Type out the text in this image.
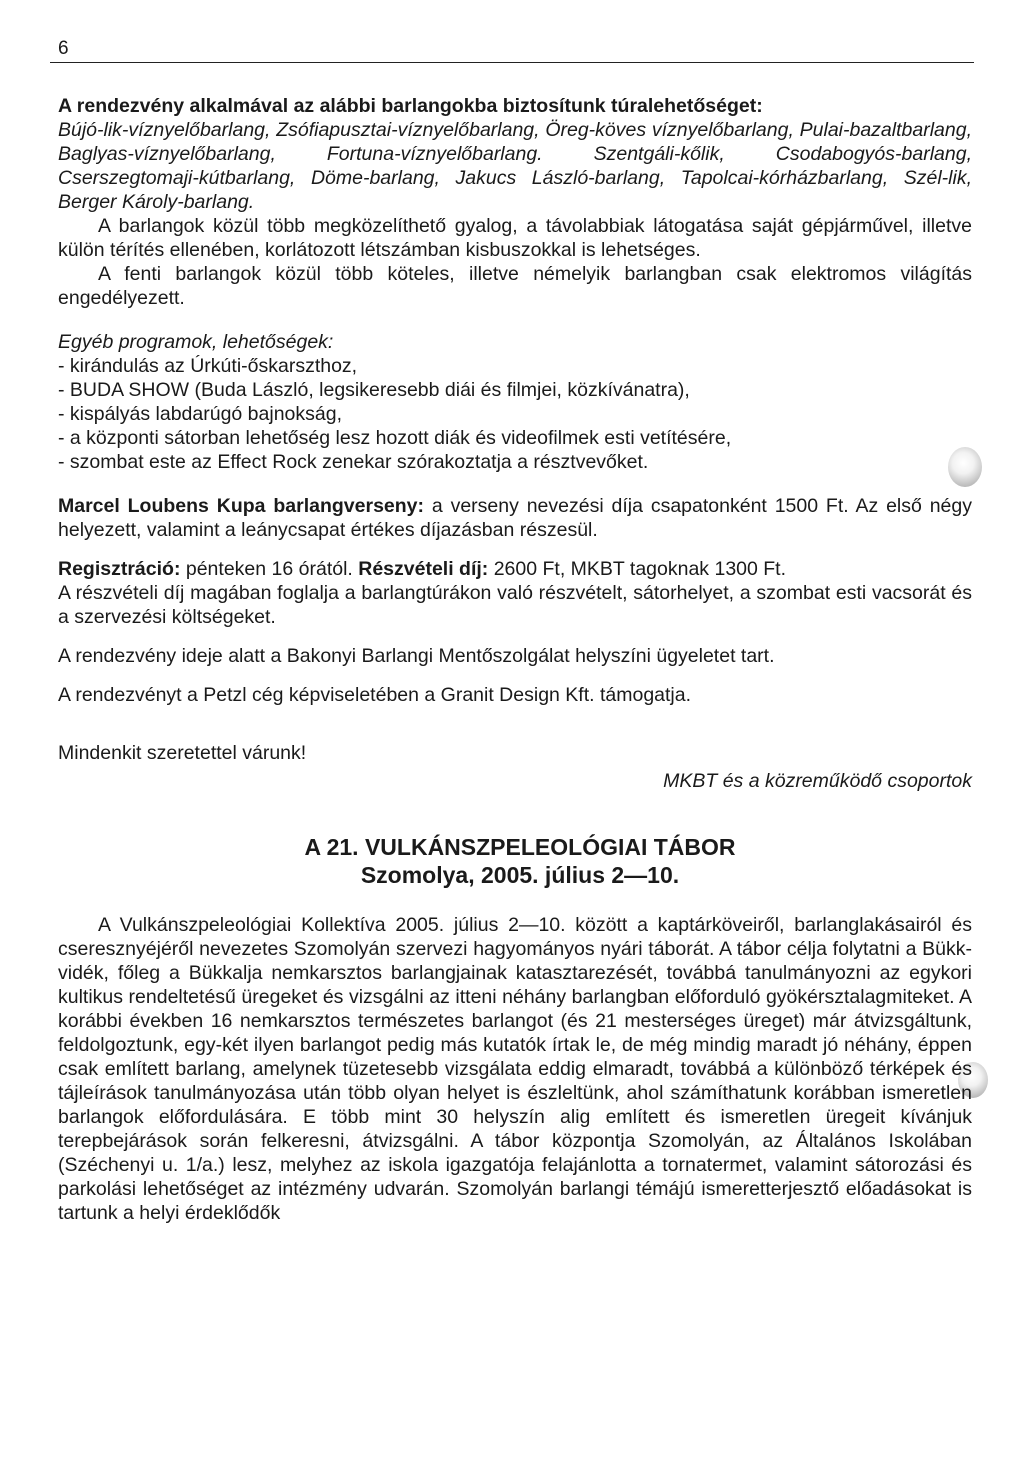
6

A rendezvény alkalmával az alábbi barlangokba biztosítunk túralehetőséget:

Bújó-lik-víznyelőbarlang, Zsófiapusztai-víznyelőbarlang, Öreg-köves víznyelőbarlang, Pulai-bazaltbarlang, Baglyas-víznyelőbarlang, Fortuna-víznyelőbarlang. Szentgáli-kőlik, Csodabogyós-barlang, Cserszegtomaji-kútbarlang, Döme-barlang, Jakucs László-barlang, Tapolcai-kórházbarlang, Szél-lik, Berger Károly-barlang.

A barlangok közül több megközelíthető gyalog, a távolabbiak látogatása saját gépjárművel, illetve külön térítés ellenében, korlátozott létszámban kisbuszokkal is lehetséges.

A fenti barlangok közül több köteles, illetve némelyik barlangban csak elektromos világítás engedélyezett.

Egyéb programok, lehetőségek:

- kirándulás az Úrkúti-őskarszthoz,
- BUDA SHOW (Buda László, legsikeresebb diái és filmjei, közkívánatra),
- kispályás labdarúgó bajnokság,
- a központi sátorban lehetőség lesz hozott diák és videofilmek esti vetítésére,
- szombat este az Effect Rock zenekar szórakoztatja a résztvevőket.

Marcel Loubens Kupa barlangverseny: a verseny nevezési díja csapatonként 1500 Ft. Az első négy helyezett, valamint a leánycsapat értékes díjazásban részesül.

Regisztráció: pénteken 16 órától. Részvételi díj: 2600 Ft, MKBT tagoknak 1300 Ft.

A részvételi díj magában foglalja a barlangtúrákon való részvételt, sátorhelyet, a szombat esti vacsorát és a szervezési költségeket.

A rendezvény ideje alatt a Bakonyi Barlangi Mentőszolgálat helyszíni ügyeletet tart.

A rendezvényt a Petzl cég képviseletében a Granit Design Kft. támogatja.

Mindenkit szeretettel várunk!

MKBT és a közreműködő csoportok

A 21. VULKÁNSZPELEOLÓGIAI TÁBOR
Szomolya, 2005. július 2—10.

A Vulkánszpeleológiai Kollektíva 2005. július 2—10. között a kaptárköveiről, barlanglakásairól és cseresznyéjéről nevezetes Szomolyán szervezi hagyományos nyári táborát. A tábor célja folytatni a Bükk-vidék, főleg a Bükkalja nemkarsztos barlangjainak katasztarezését, továbbá tanulmányozni az egykori kultikus rendeltetésű üregeket és vizsgálni az itteni néhány barlangban előforduló gyökérsztalagmiteket. A korábbi években 16 nemkarsztos természetes barlangot (és 21 mesterséges üreget) már átvizsgáltunk, feldolgoztunk, egy-két ilyen barlangot pedig más kutatók írtak le, de még mindig maradt jó néhány, éppen csak említett barlang, amelynek tüzetesebb vizsgálata eddig elmaradt, továbbá a különböző térképek és tájleírások tanulmányozása után több olyan helyet is észleltünk, ahol számíthatunk korábban ismeretlen barlangok előfordulására. E több mint 30 helyszín alig említett és ismeretlen üregeit kívánjuk terepbejárások során felkeresni, átvizsgálni. A tábor központja Szomolyán, az Általános Iskolában (Széchenyi u. 1/a.) lesz, melyhez az iskola igazgatója felajánlotta a tornatermet, valamint sátorozási és parkolási lehetőséget az intézmény udvarán. Szomolyán barlangi témájú ismeretterjesztő előadásokat is tartunk a helyi érdeklődők
